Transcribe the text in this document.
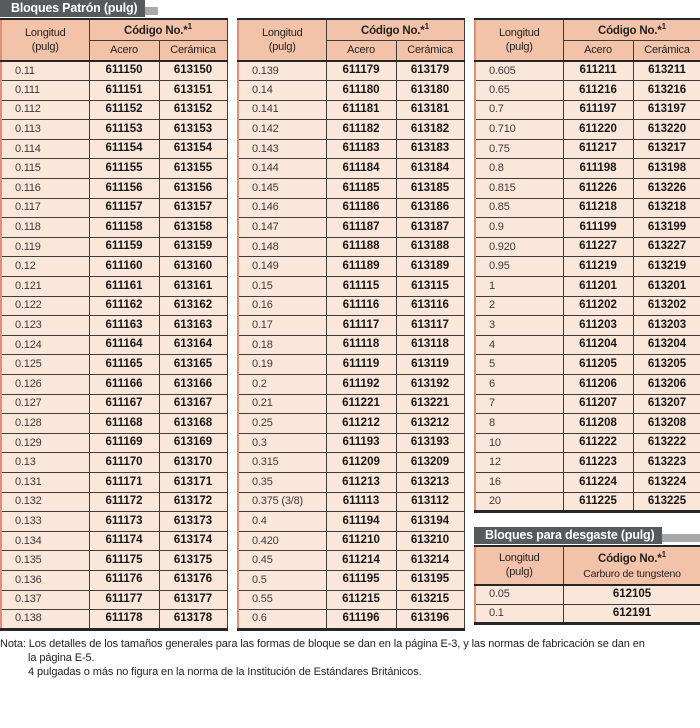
Bloques Patrón (pulg)
Longitud
(pulg)	Código No.*$^1$
	Acero	Cerámica
0.11	611150	613150
0.111	611151	613151
0.112	611152	613152
0.113	611153	613153
0.114	611154	613154
0.115	611155	613155
0.116	611156	613156
0.117	611157	613157
0.118	611158	613158
0.119	611159	613159
0.12	611160	613160
0.121	611161	613161
0.122	611162	613162
0.123	611163	613163
0.124	611164	613164
0.125	611165	613165
0.126	611166	613166
0.127	611167	613167
0.128	611168	613168
0.129	611169	613169
0.13	611170	613170
0.131	611171	613171
0.132	611172	613172
0.133	611173	613173
0.134	611174	613174
0.135	611175	613175
0.136	611176	613176
0.137	611177	613177
0.138	611178	613178
Longitud
(pulg)	Código No.*$^1$
	Acero	Cerámica
0.139	611179	613179
0.14	611180	613180
0.141	611181	613181
0.142	611182	613182
0.143	611183	613183
0.144	611184	613184
0.145	611185	613185
0.146	611186	613186
0.147	611187	613187
0.148	611188	613188
0.149	611189	613189
0.15	611115	613115
0.16	611116	613116
0.17	611117	613117
0.18	611118	613118
0.19	611119	613119
0.2	611192	613192
0.21	611221	613221
0.25	611212	613212
0.3	611193	613193
0.315	611209	613209
0.35	611213	613213
0.375 (3/8)	611113	613112
0.4	611194	613194
0.420	611210	613210
0.45	611214	613214
0.5	611195	613195
0.55	611215	613215
0.6	611196	613196
Longitud
(pulg)	Código No.*$^1$
	Acero	Cerámica
0.605	611211	613211
0.65	611216	613216
0.7	611197	613197
0.710	611220	613220
0.75	611217	613217
0.8	611198	613198
0.815	611226	613226
0.85	611218	613218
0.9	611199	613199
0.920	611227	613227
0.95	611219	613219
1	611201	613201
2	611202	613202
3	611203	613203
4	611204	613204
5	611205	613205
6	611206	613206
7	611207	613207
8	611208	613208
10	611222	613222
12	611223	613223
16	611224	613224
20	611225	613225
Bloques para desgaste (pulg)
Longitud
(pulg)	Código No.*$^1$
Carburo de tungsteno

0.05	612105
0.1	612191
Nota: Los detalles de los tamaños generales para las formas de bloque se dan en la página E-3, y las normas de fabricación se dan en
la página E-5.
4 pulgadas o más no figura en la norma de la Institución de Estándares Británicos.
